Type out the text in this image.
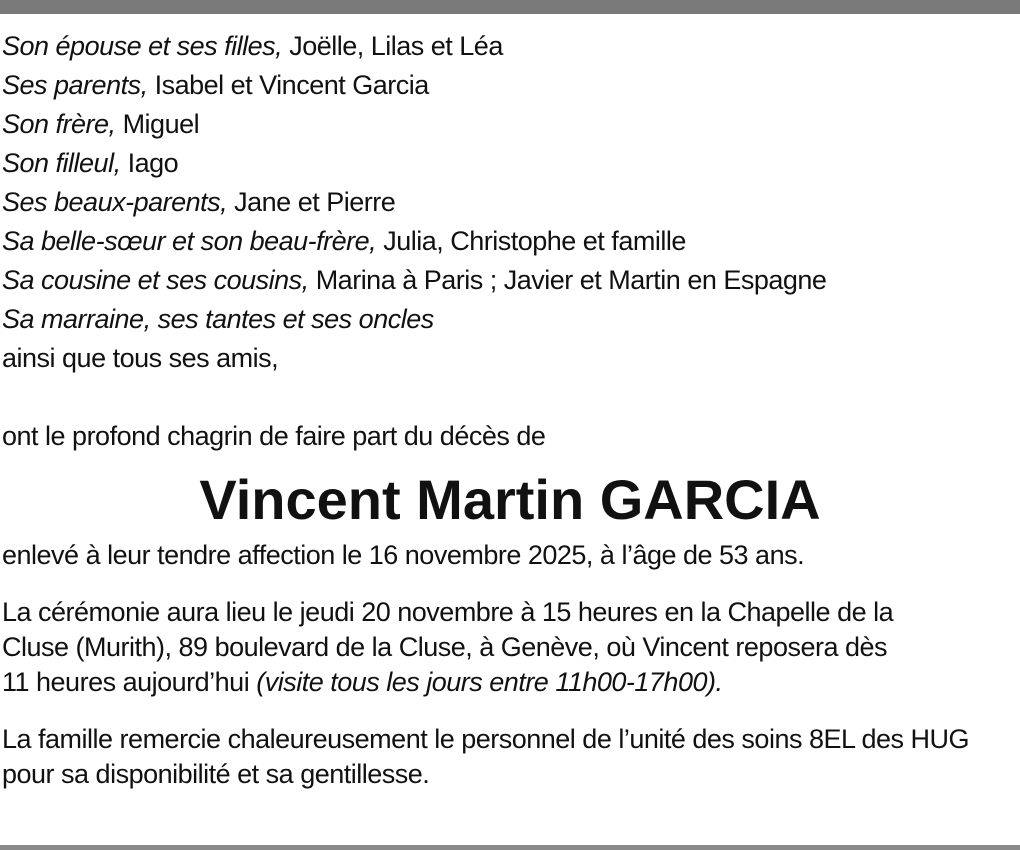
Son épouse et ses filles, Joëlle, Lilas et Léa
Ses parents, Isabel et Vincent Garcia
Son frère, Miguel
Son filleul, Iago
Ses beaux-parents, Jane et Pierre
Sa belle-sœur et son beau-frère, Julia, Christophe et famille
Sa cousine et ses cousins, Marina à Paris ; Javier et Martin en Espagne
Sa marraine, ses tantes et ses oncles
ainsi que tous ses amis,
ont le profond chagrin de faire part du décès de
Vincent Martin GARCIA
enlevé à leur tendre affection le 16 novembre 2025, à l’âge de 53 ans.
La cérémonie aura lieu le jeudi 20 novembre à 15 heures en la Chapelle de la
Cluse (Murith), 89 boulevard de la Cluse, à Genève, où Vincent reposera dès
11 heures aujourd’hui (visite tous les jours entre 11h00-17h00).
La famille remercie chaleureusement le personnel de l’unité des soins 8EL des HUG
pour sa disponibilité et sa gentillesse.
